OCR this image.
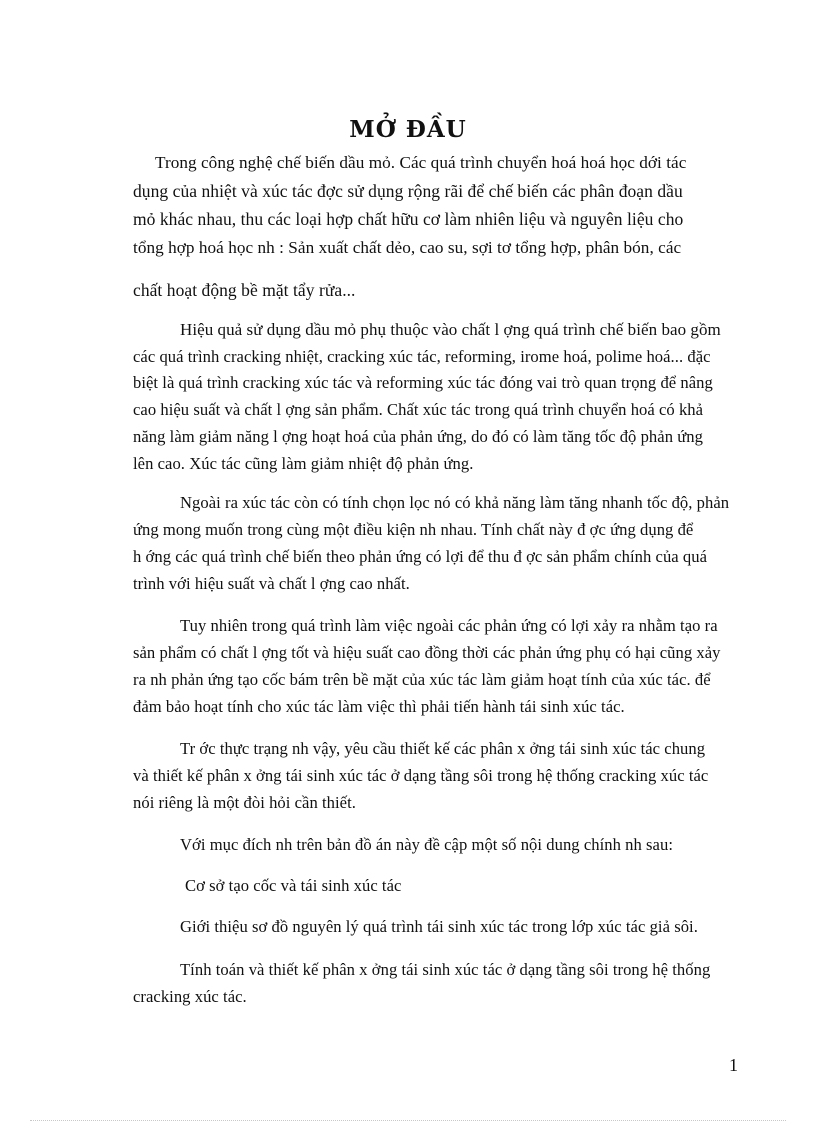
MỞ ĐẦU
Trong công nghệ chế biến dầu mỏ. Các quá trình chuyển hoá hoá học dới tác
dụng của nhiệt và xúc tác đợc sử dụng rộng rãi để chế biến các phân đoạn dầu
mỏ khác nhau, thu các loại hợp chất hữu cơ làm nhiên liệu và nguyên liệu cho
tổng hợp hoá học nh : Sản xuất chất dẻo, cao su, sợi tơ tổng hợp, phân bón, các
chất hoạt động bề mặt tẩy rửa...
Hiệu quả sử dụng dầu mỏ phụ thuộc vào chất l ợng quá trình chế biến bao gồm
các quá trình cracking nhiệt, cracking xúc tác, reforming, irome hoá, polime hoá... đặc
biệt là quá trình cracking xúc tác và reforming xúc tác đóng vai trò quan trọng để nâng
cao hiệu suất và chất l ợng sản phẩm. Chất xúc tác trong quá trình chuyển hoá có khả
năng làm giảm năng l ợng hoạt hoá của phản ứng, do đó có làm tăng tốc độ phản ứng
lên cao. Xúc tác cũng làm giảm nhiệt độ phản ứng.
Ngoài ra xúc tác còn có tính chọn lọc nó có khả năng làm tăng nhanh tốc độ, phản
ứng mong muốn trong cùng một điều kiện nh nhau. Tính chất này đ ợc ứng dụng để
h ớng các quá trình chế biến theo phản ứng có lợi để thu đ ợc sản phẩm chính của quá
trình với hiệu suất và chất l ợng cao nhất.
Tuy nhiên trong quá trình làm việc ngoài các phản ứng có lợi xảy ra nhằm tạo ra
sản phẩm có chất l ợng tốt và hiệu suất cao đồng thời các phản ứng phụ có hại cũng xảy
ra nh phản ứng tạo cốc bám trên bề mặt của xúc tác làm giảm hoạt tính của xúc tác. để
đảm bảo hoạt tính cho xúc tác làm việc thì phải tiến hành tái sinh xúc tác.
Tr ớc thực trạng nh vậy, yêu cầu thiết kế các phân x ởng tái sinh xúc tác chung
và thiết kế phân x ởng tái sinh xúc tác ở dạng tầng sôi trong hệ thống cracking xúc tác
nói riêng là một đòi hỏi cần thiết.
Với mục đích nh trên bản đồ án này đề cập một số nội dung chính nh sau:
Cơ sở tạo cốc và tái sinh xúc tác
Giới thiệu sơ đồ nguyên lý quá trình tái sinh xúc tác trong lớp xúc tác giả sôi.
Tính toán và thiết kế phân x ởng tái sinh xúc tác ở dạng tầng sôi trong hệ thống
cracking xúc tác.
1
